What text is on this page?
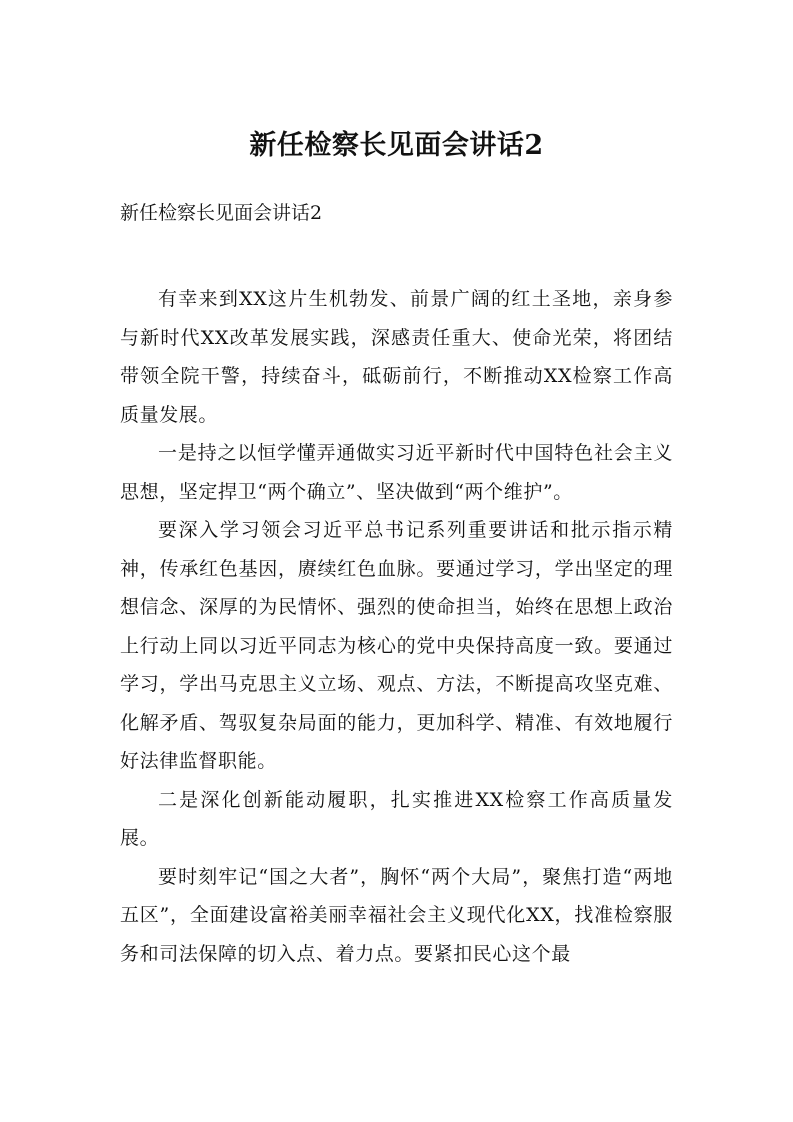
新任检察长见面会讲话2
新任检察长见面会讲话2

有幸来到XX这片生机勃发、前景广阔的红土圣地，亲身参与新时代XX改革发展实践，深感责任重大、使命光荣，将团结带领全院干警，持续奋斗，砥砺前行，不断推动XX检察工作高质量发展。

一是持之以恒学懂弄通做实习近平新时代中国特色社会主义思想，坚定捍卫“两个确立”、坚决做到“两个维护”。

要深入学习领会习近平总书记系列重要讲话和批示指示精神，传承红色基因，赓续红色血脉。要通过学习，学出坚定的理想信念、深厚的为民情怀、强烈的使命担当，始终在思想上政治上行动上同以习近平同志为核心的党中央保持高度一致。要通过学习，学出马克思主义立场、观点、方法，不断提高攻坚克难、化解矛盾、驾驭复杂局面的能力，更加科学、精准、有效地履行好法律监督职能。

二是深化创新能动履职，扎实推进XX检察工作高质量发展。

要时刻牢记“国之大者”，胸怀“两个大局”，聚焦打造“两地五区”，全面建设富裕美丽幸福社会主义现代化XX，找准检察服务和司法保障的切入点、着力点。要紧扣民心这个最
